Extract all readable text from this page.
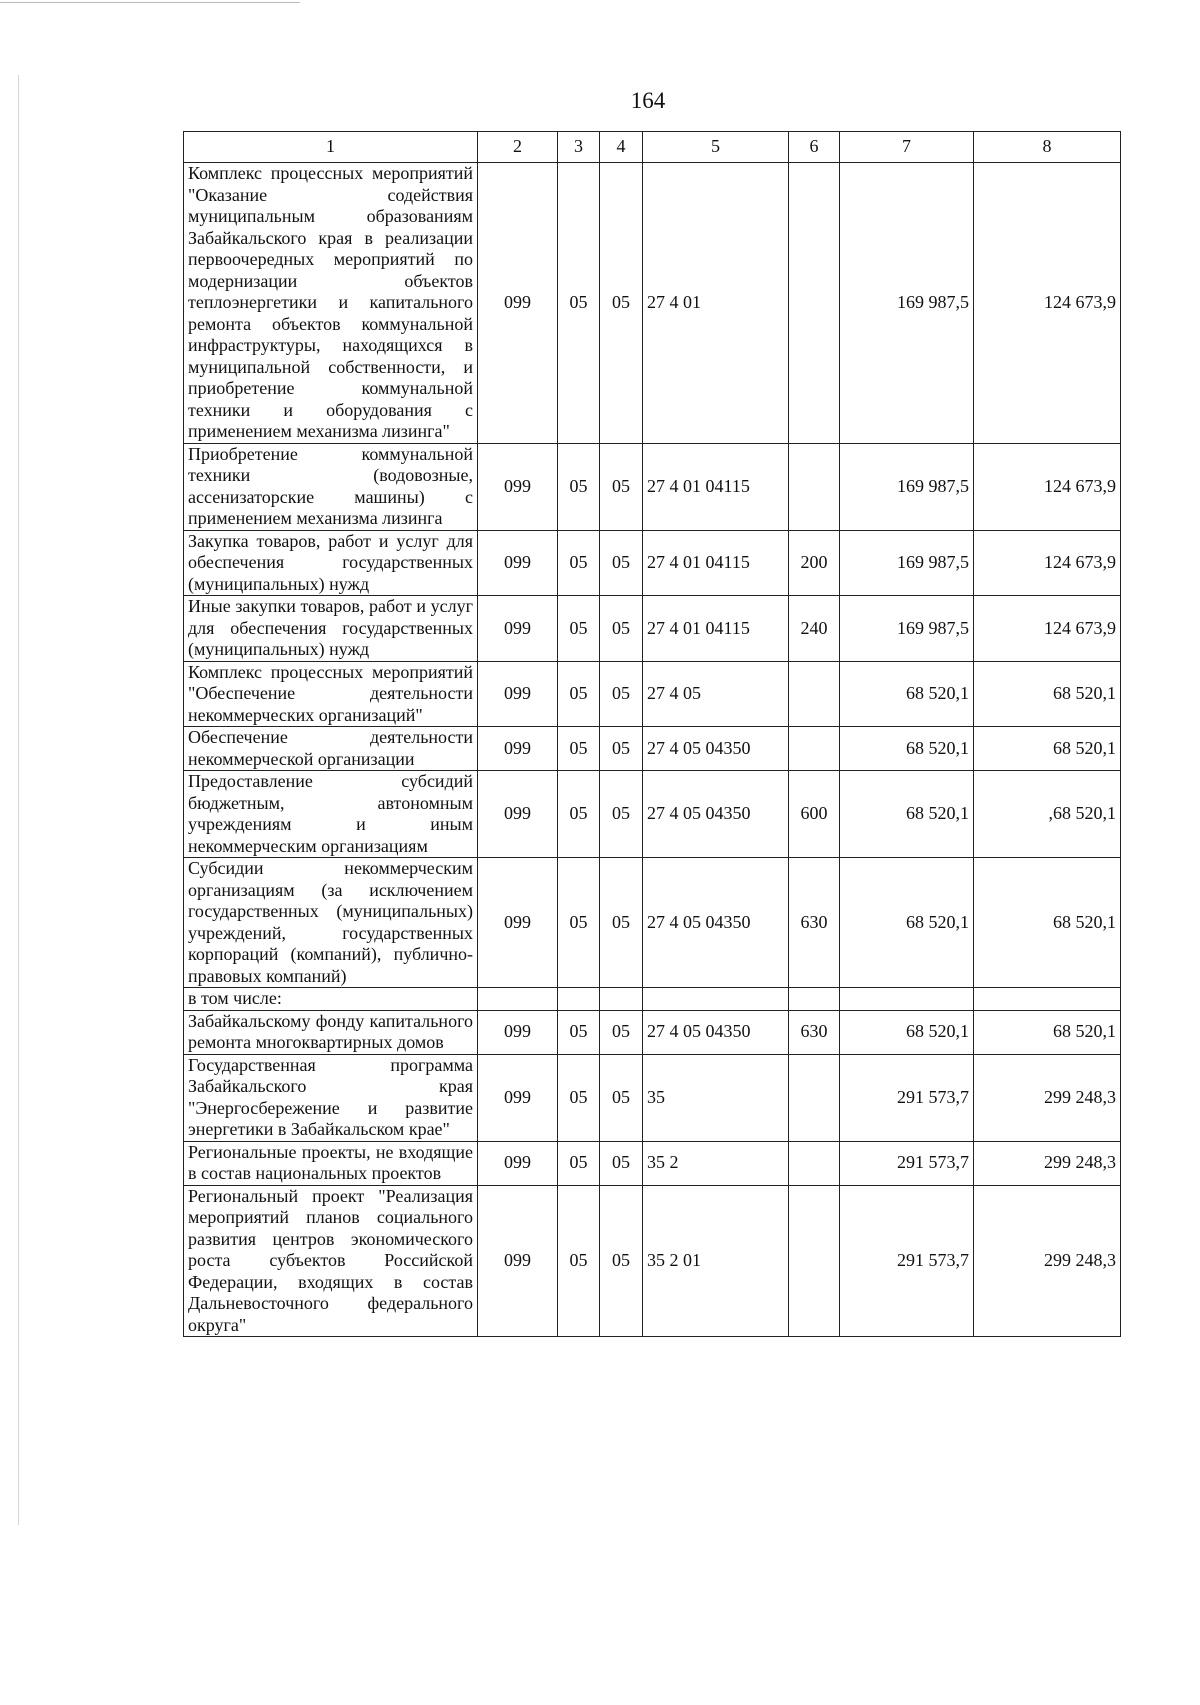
164
1	2	3	4	5	6	7	8
Комплекс процессных мероприятий "Оказание содействия муниципальным образованиям Забайкальского края в реализации первоочередных мероприятий по модернизации объектов теплоэнергетики и капитального ремонта объектов коммунальной инфраструктуры, находящихся в муниципальной собственности, и приобретение коммунальной техники и оборудования с применением механизма лизинга"	099	05	05	27 4 01		169 987,5	124 673,9
Приобретение коммунальной техники (водовозные, ассенизаторские машины) с применением механизма лизинга	099	05	05	27 4 01 04115		169 987,5	124 673,9
Закупка товаров, работ и услуг для обеспечения государственных (муниципальных) нужд	099	05	05	27 4 01 04115	200	169 987,5	124 673,9
Иные закупки товаров, работ и услуг для обеспечения государственных (муниципальных) нужд	099	05	05	27 4 01 04115	240	169 987,5	124 673,9
Комплекс процессных мероприятий "Обеспечение деятельности некоммерческих организаций"	099	05	05	27 4 05		68 520,1	68 520,1
Обеспечение деятельности некоммерческой организации	099	05	05	27 4 05 04350		68 520,1	68 520,1
Предоставление субсидий бюджетным, автономным учреждениям и иным некоммерческим организациям	099	05	05	27 4 05 04350	600	68 520,1	,68 520,1
Субсидии некоммерческим организациям (за исключением государственных (муниципальных) учреждений, государственных корпораций (компаний), публично-правовых компаний)	099	05	05	27 4 05 04350	630	68 520,1	68 520,1
в том числе:							
Забайкальскому фонду капитального ремонта многоквартирных домов	099	05	05	27 4 05 04350	630	68 520,1	68 520,1
Государственная программа Забайкальского края "Энергосбережение и развитие энергетики в Забайкальском крае"	099	05	05	35		291 573,7	299 248,3
Региональные проекты, не входящие в состав национальных проектов	099	05	05	35 2		291 573,7	299 248,3
Региональный проект "Реализация мероприятий планов социального развития центров экономического роста субъектов Российской Федерации, входящих в состав Дальневосточного федерального округа"	099	05	05	35 2 01		291 573,7	299 248,3
